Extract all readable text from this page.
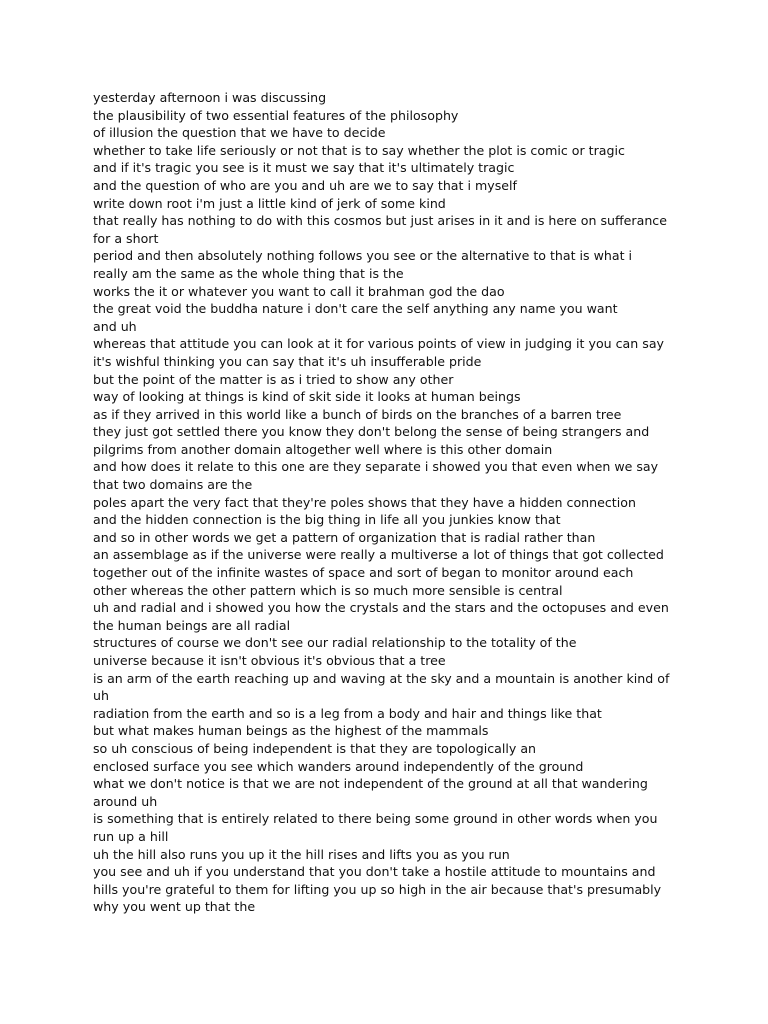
yesterday afternoon i was discussing
the plausibility of two essential features of the philosophy
of illusion the question that we have to decide
whether to take life seriously or not that is to say whether the plot is comic or tragic
and if it's tragic you see is it must we say that it's ultimately tragic
and the question of who are you and uh are we to say that i myself
write down root i'm just a little kind of jerk of some kind
that really has nothing to do with this cosmos but just arises in it and is here on sufferance
for a short
period and then absolutely nothing follows you see or the alternative to that is what i
really am the same as the whole thing that is the
works the it or whatever you want to call it brahman god the dao
the great void the buddha nature i don't care the self anything any name you want
and uh
whereas that attitude you can look at it for various points of view in judging it you can say
it's wishful thinking you can say that it's uh insufferable pride
but the point of the matter is as i tried to show any other
way of looking at things is kind of skit side it looks at human beings
as if they arrived in this world like a bunch of birds on the branches of a barren tree
they just got settled there you know they don't belong the sense of being strangers and
pilgrims from another domain altogether well where is this other domain
and how does it relate to this one are they separate i showed you that even when we say
that two domains are the
poles apart the very fact that they're poles shows that they have a hidden connection
and the hidden connection is the big thing in life all you junkies know that
and so in other words we get a pattern of organization that is radial rather than
an assemblage as if the universe were really a multiverse a lot of things that got collected
together out of the infinite wastes of space and sort of began to monitor around each
other whereas the other pattern which is so much more sensible is central
uh and radial and i showed you how the crystals and the stars and the octopuses and even
the human beings are all radial
structures of course we don't see our radial relationship to the totality of the
universe because it isn't obvious it's obvious that a tree
is an arm of the earth reaching up and waving at the sky and a mountain is another kind of
uh
radiation from the earth and so is a leg from a body and hair and things like that
but what makes human beings as the highest of the mammals
so uh conscious of being independent is that they are topologically an
enclosed surface you see which wanders around independently of the ground
what we don't notice is that we are not independent of the ground at all that wandering
around uh
is something that is entirely related to there being some ground in other words when you
run up a hill
uh the hill also runs you up it the hill rises and lifts you as you run
you see and uh if you understand that you don't take a hostile attitude to mountains and
hills you're grateful to them for lifting you up so high in the air because that's presumably
why you went up that the
